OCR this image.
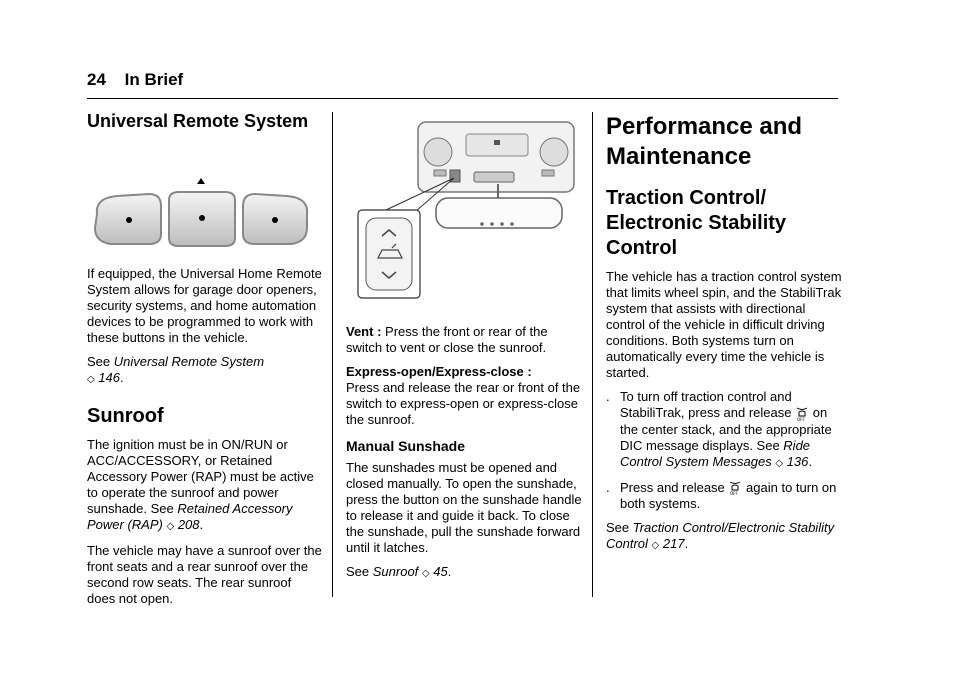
24 In Brief
Universal Remote System

If equipped, the Universal Home Remote System allows for garage door openers, security systems, and home automation devices to be programmed to work with these buttons in the vehicle.

See Universal Remote System
◇ 146.

Sunroof

The ignition must be in ON/RUN or ACC/ACCESSORY, or Retained Accessory Power (RAP) must be active to operate the sunroof and power sunshade. See Retained Accessory Power (RAP) ◇ 208.

The vehicle may have a sunroof over the front seats and a rear sunroof over the second row seats. The rear sunroof does not open.

Vent : Press the front or rear of the switch to vent or close the sunroof.

Express-open/Express-close :
Press and release the rear or front of the switch to express-open or express-close the sunroof.

Manual Sunshade

The sunshades must be opened and closed manually. To open the sunshade, press the button on the sunshade handle to release it and guide it back. To close the sunshade, pull the sunshade forward until it latches.

See Sunroof ◇ 45.

Performance and Maintenance
Traction Control/ Electronic Stability Control

The vehicle has a traction control system that limits wheel spin, and the StabiliTrak system that assists with directional control of the vehicle in difficult driving conditions. Both systems turn on automatically every time the vehicle is started.

. To turn off traction control and StabiliTrak, press and release OFF on the center stack, and the appropriate DIC message displays. See Ride Control System Messages ◇ 136.
. Press and release OFF again to turn on both systems.

See Traction Control/Electronic Stability Control ◇ 217.
